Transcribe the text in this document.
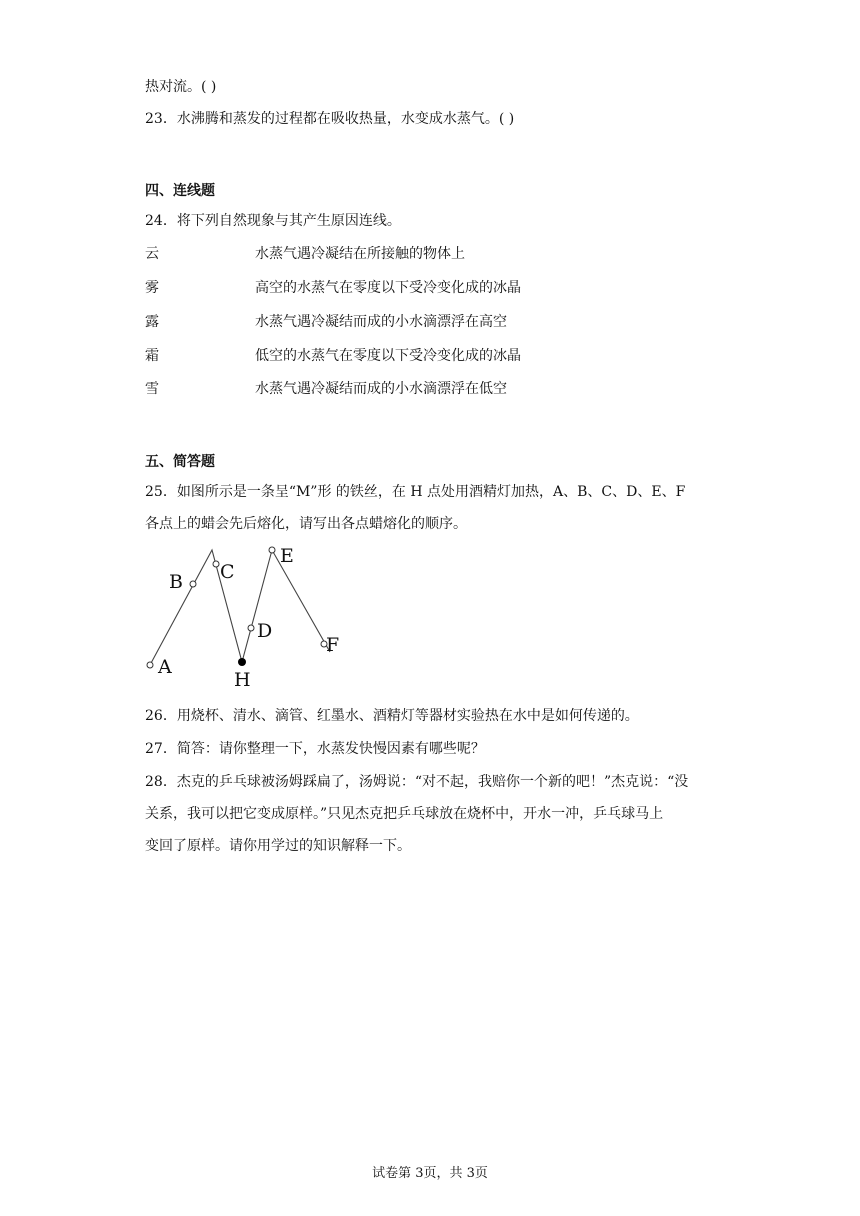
热对流。( )
23．水沸腾和蒸发的过程都在吸收热量，水变成水蒸气。( )
四、连线题
24．将下列自然现象与其产生原因连线。
云	水蒸气遇冷凝结在所接触的物体上
雾	高空的水蒸气在零度以下受冷变化成的冰晶
露	水蒸气遇冷凝结而成的小水滴漂浮在高空
霜	低空的水蒸气在零度以下受冷变化成的冰晶
雪	水蒸气遇冷凝结而成的小水滴漂浮在低空
五、简答题
25．如图所示是一条呈“M”形 的铁丝，在 H 点处用酒精灯加热，A、B、C、D、E、F
各点上的蜡会先后熔化，请写出各点蜡熔化的顺序。
A
B C
D
E
F
H
26．用烧杯、清水、滴管、红墨水、酒精灯等器材实验热在水中是如何传递的。
27．简答：请你整理一下，水蒸发快慢因素有哪些呢？
28．杰克的乒乓球被汤姆踩扁了，汤姆说：“对不起，我赔你一个新的吧！”杰克说：“没
关系，我可以把它变成原样。”只见杰克把乒乓球放在烧杯中，开水一冲，乒乓球马上
变回了原样。请你用学过的知识解释一下。
试卷第 3页，共 3页
